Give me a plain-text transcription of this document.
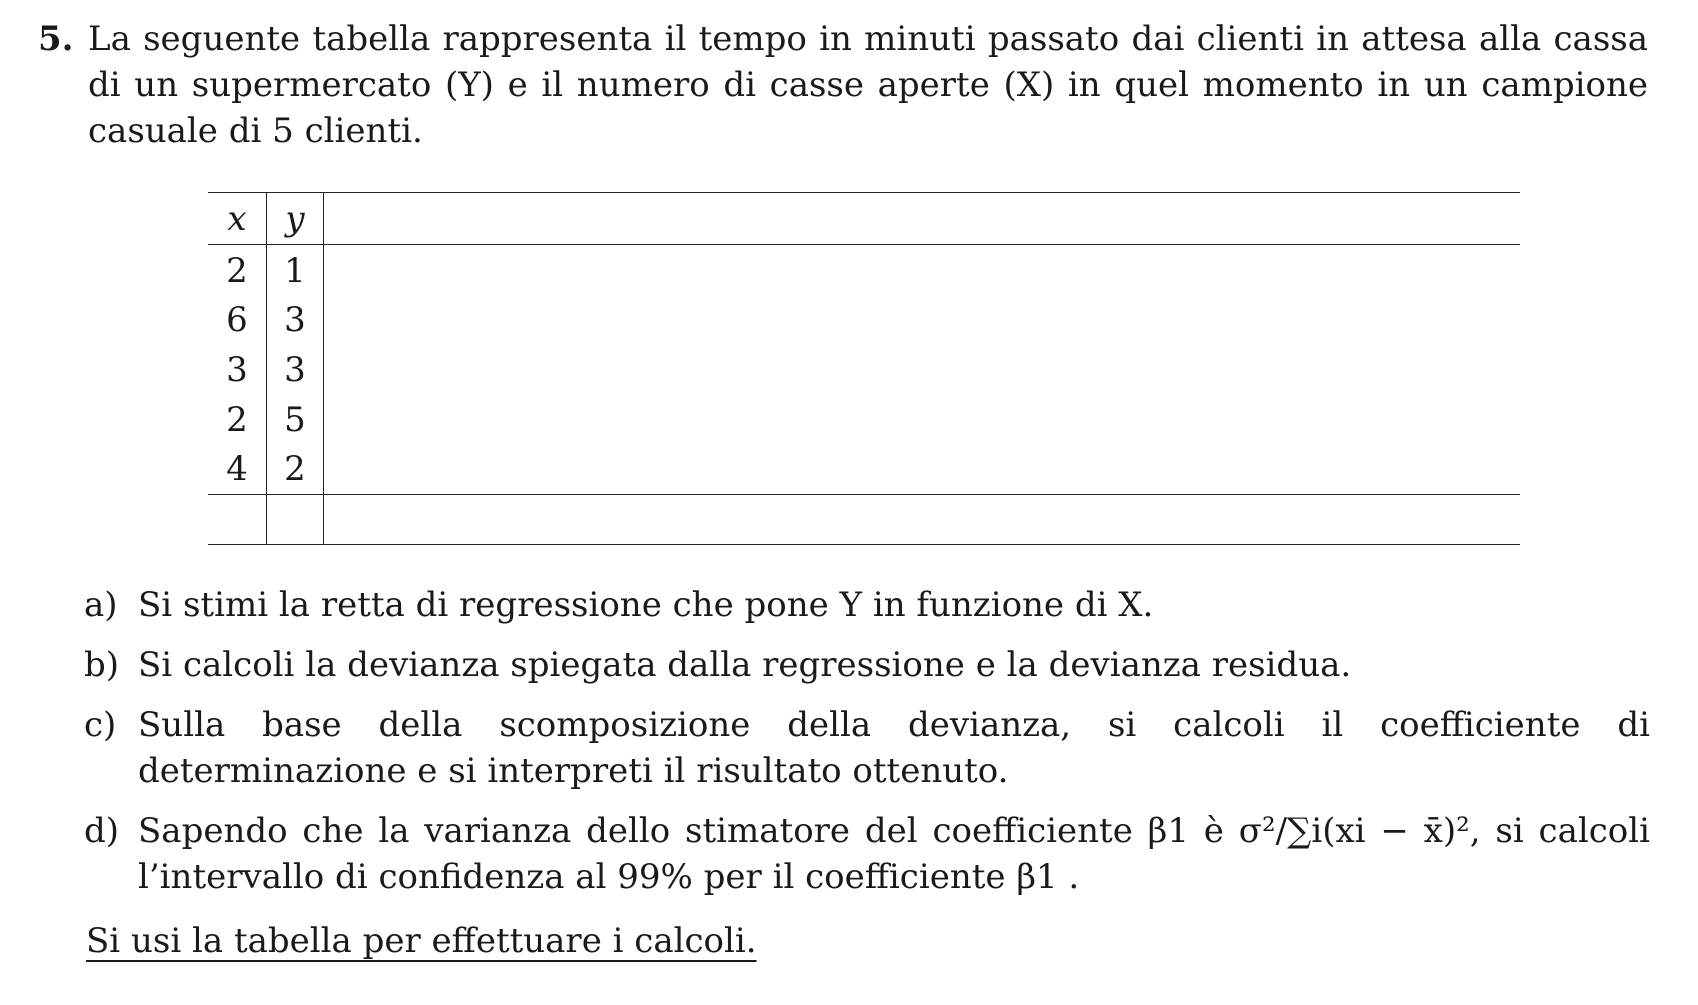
5. La seguente tabella rappresenta il tempo in minuti passato dai clienti in attesa alla cassa di un supermercato (Y) e il numero di casse aperte (X) in quel momento in un campione casuale di 5 clienti.
x	y	
2	1	
6	3	
3	3	
2	5	
4	2	

a) Si stimi la retta di regressione che pone Y in funzione di X.
b) Si calcoli la devianza spiegata dalla regressione e la devianza residua.
c) Sulla base della scomposizione della devianza, si calcoli il coefficiente di determinazione e si interpreti il risultato ottenuto.
d) Sapendo che la varianza dello stimatore del coefficiente β1 è σ²/∑i(xi − x̄)², si calcoli l’intervallo di confidenza al 99% per il coefficiente β1 .
Si usi la tabella per effettuare i calcoli.
